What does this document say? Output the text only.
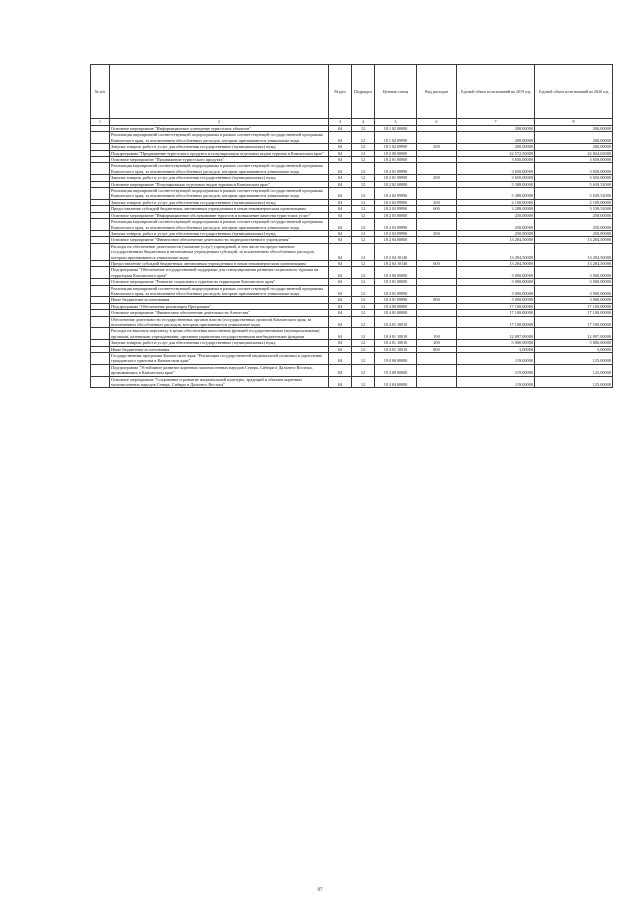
№ п/п		Раздел	Подраздел	Целевая статья	Вид расходов	Годовой объем ассигнований на 2019 год	Годовой объем ассигнований на 2020 год
1	2	3	4	5	6	7	8
	Основное мероприятие "Информационное освещение туристских объектов"	04	12	18 1 02 00000		200,00000	200,00000
	Реализация мероприятий соответствующей подпрограммы в рамках соответствующей государственной программы Камчатского края, за исключением обособленных расходов, которым присваиваются уникальные коды	04	12	18 1 02 09990		200,00000	200,00000
	Закупка товаров, работ и услуг для обеспечения государственных (муниципальных) нужд	04	12	18 1 02 09990	200	200,00000	200,00000
	Подпрограмма "Продвижение туристского продукта и популяризация отдельных видов туризма в Камчатском крае"	04	12	18 2 00 00000		22 572,50000	22 824,02000
	Основное мероприятие "Продвижение туристского продукта"	04	12	18 2 01 00000		3 650,00000	3 650,00000
	Реализация мероприятий соответствующей подпрограммы в рамках соответствующей государственной программы Камчатского края, за исключением обособленных расходов, которым присваиваются уникальные коды	04	12	18 2 01 09990		3 650,00000	3 650,00000
	Закупка товаров, работ и услуг для обеспечения государственных (муниципальных) нужд	04	12	18 2 01 09990	200	3 650,00000	3 650,00000
	Основное мероприятие "Популяризация отдельных видов туризма в Камчатском крае"	04	12	18 2 02 00000		5 388,00000	5 639,52000
	Реализация мероприятий соответствующей подпрограммы в рамках соответствующей государственной программы Камчатского края, за исключением обособленных расходов, которым присваиваются уникальные коды	04	12	18 2 02 09990		5 388,00000	5 639,52000
	Закупка товаров, работ и услуг для обеспечения государственных (муниципальных) нужд	04	12	18 2 02 09990	200	2 100,00000	2 100,00000
	Предоставление субсидий бюджетным, автономным учреждениям и иным некоммерческим организациям	04	12	18 2 02 09990	600	3 288,00000	3 539,52000
	Основное мероприятие "Информационное обслуживание туристов и повышение качества туристских услуг"	04	12	18 2 03 00000		250,00000	250,00000
	Реализация мероприятий соответствующей подпрограммы в рамках соответствующей государственной программы Камчатского края, за исключением обособленных расходов, которым присваиваются уникальные коды	04	12	18 2 03 09990		250,00000	250,00000
	Закупка товаров, работ и услуг для обеспечения государственных (муниципальных) нужд	04	12	18 2 03 09990	200	250,00000	250,00000
	Основное мероприятие "Финансовое обеспечение деятельности подведомственного учреждения"	04	12	18 2 04 00000		13 284,50000	13 284,50000
	Расходы на обеспечение деятельности (оказание услуг) учреждений, в том числе на предоставление государственным бюджетным и автономным учреждениям субсидий, за исключением обособленных расходов, которым присваиваются уникальные коды	04	12	18 2 04 10140		13 284,50000	13 284,50000
	Предоставление субсидий бюджетным, автономным учреждениям и иным некоммерческим организациям	04	12	18 2 04 10140	600	13 284,50000	13 284,50000
	Подпрограмма "Обеспечение государственной поддержки для стимулирования развития социального туризма на территории Камчатского края"	04	12	18 3 00 00000		3 000,00000	3 000,00000
	Основное мероприятие "Развитие социального туризма на территории Камчатского края"	04	12	18 3 01 00000		3 000,00000	3 000,00000
	Реализация мероприятий соответствующей подпрограммы в рамках соответствующей государственной программы Камчатского края, за исключением обособленных расходов, которым присваиваются уникальные коды	04	12	18 3 01 09990		3 000,00000	3 000,00000
	Иные бюджетные ассигнования	04	12	18 3 01 09990	800	3 000,00000	3 000,00000
	Подпрограмма "Обеспечение реализации Программы"	04	12	18 4 00 00000		17 100,00000	17 100,00000
	Основное мероприятие "Финансовое обеспечение деятельности Агентства"	04	12	18 4 01 00000		17 100,00000	17 100,00000
	Обеспечение деятельности государственных органов власти (государственных органов) Камчатского края, за исключением обособленных расходов, которым присваиваются уникальные коды	04	12	18 4 01 10010		17 100,00000	17 100,00000
	Расходы на выплаты персоналу в целях обеспечения выполнения функций государственными (муниципальными) органами, казенными учреждениями, органами управления государственными внебюджетными фондами	04	12	18 4 01 10010	100	12 097,00000	12 097,00000
	Закупка товаров, работ и услуг для обеспечения государственных (муниципальных) нужд	04	12	18 4 01 10010	200	5 000,00000	5 000,00000
	Иные бюджетные ассигнования	04	12	18 4 01 10010	800	3,00000	3,00000
	Государственная программа Камчатского края "Реализация государственной национальной политики и укрепление гражданского единства в Камчатском крае"	04	12	19 0 00 00000		119,00000	125,00000
	Подпрограмма "Устойчивое развитие коренных малочисленных народов Севера, Сибири и Дальнего Востока, проживающих в Камчатском крае"	04	12	19 3 00 00000		119,00000	125,00000
	Основное мероприятие "Сохранение и развитие национальной культуры, традиций и обычаев коренных малочисленных народов Севера, Сибири и Дальнего Востока"	04	12	19 3 04 00000		119,00000	125,00000
97
